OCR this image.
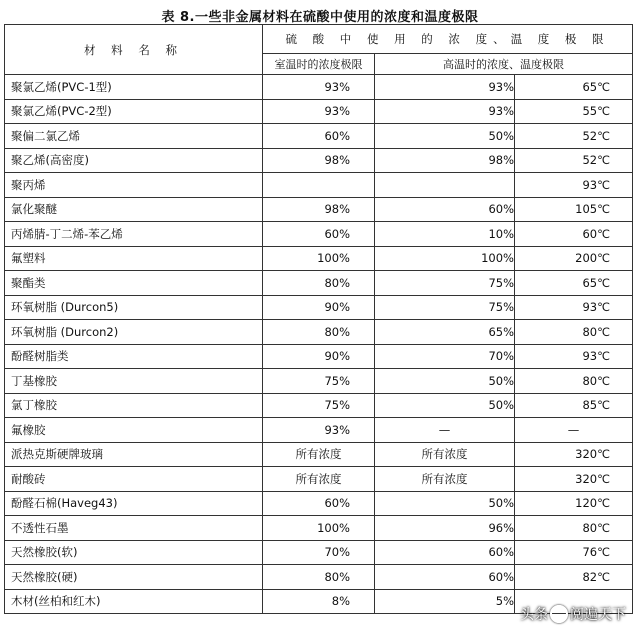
表 8.一些非金属材料在硫酸中使用的浓度和温度极限
材 料 名 称	硫 酸 中 使 用 的 浓 度、温 度 极 限		
	室温时的浓度极限	高温时的浓度、温度极限	
聚氯乙烯(PVC-1型)	93%	93%	65℃
聚氯乙烯(PVC-2型)	93%	93%	55℃
聚偏二氯乙烯	60%	50%	52℃
聚乙烯(高密度)	98%	98%	52℃
聚丙烯			93℃
氯化聚醚	98%	60%	105℃
丙烯腈-丁二烯-苯乙烯	60%	10%	60℃
氟塑料	100%	100%	200℃
聚酯类	80%	75%	65℃
环氧树脂 (Durcon5)	90%	75%	93℃
环氧树脂 (Durcon2)	80%	65%	80℃
酚醛树脂类	90%	70%	93℃
丁基橡胶	75%	50%	80℃
氯丁橡胶	75%	50%	85℃
氟橡胶	93%	—	—
派热克斯硬牌玻璃	所有浓度	所有浓度	320℃
耐酸砖	所有浓度	所有浓度	320℃
酚醛石棉(Haveg43)	60%	50%	120℃
不透性石墨	100%	96%	80℃
天然橡胶(软)	70%	60%	76℃
天然橡胶(硬)	80%	60%	82℃
木材(丝柏和红木)	8%	5%	
头条 阅遍天下
